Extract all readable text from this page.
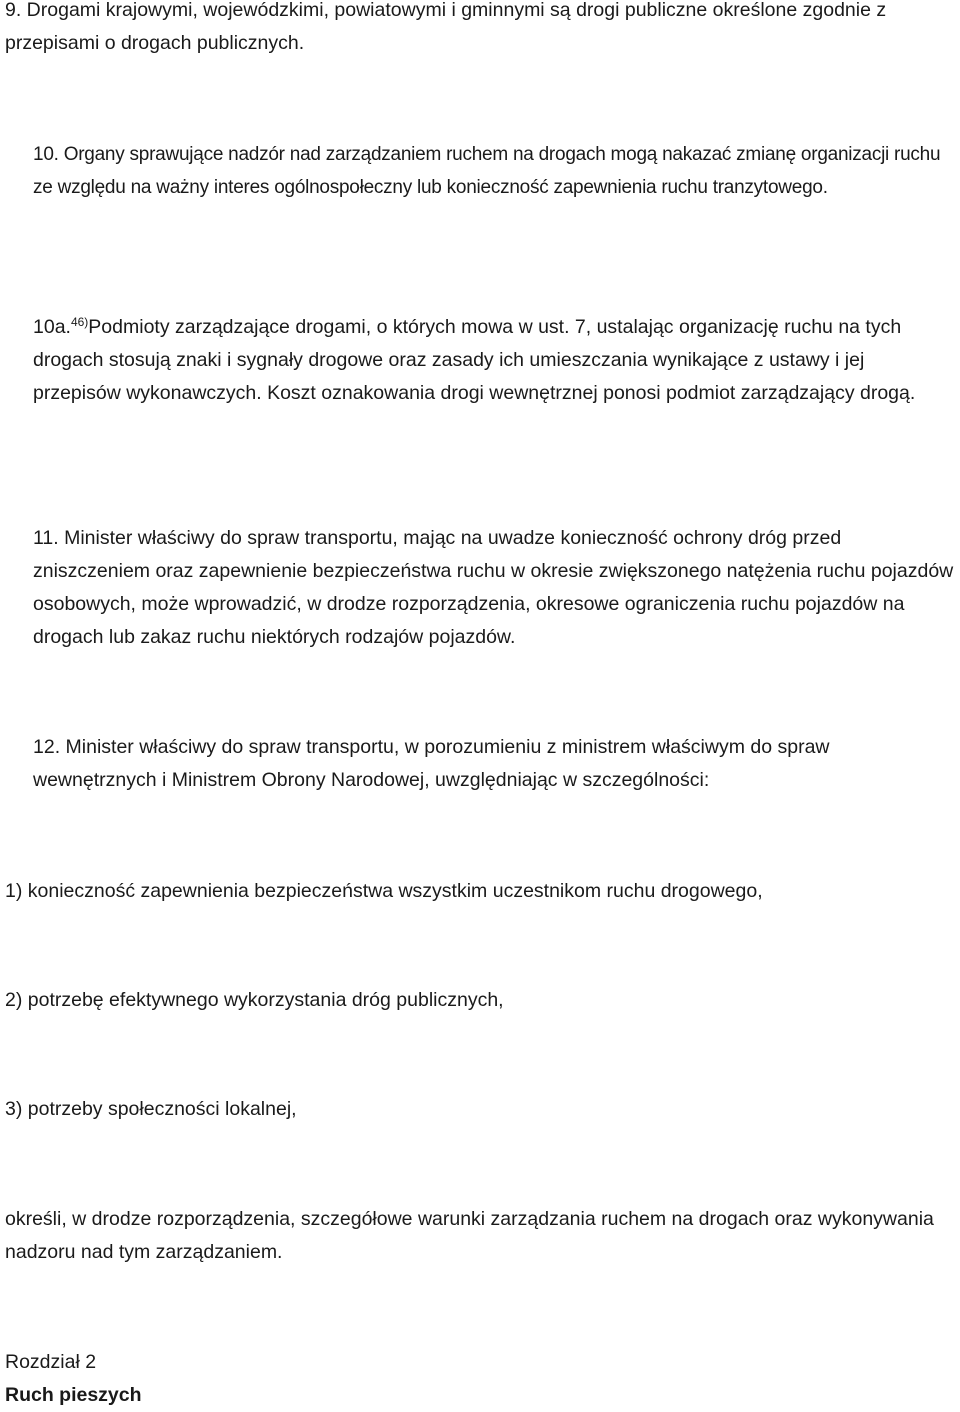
9. Drogami krajowymi, wojewódzkimi, powiatowymi i gminnymi są drogi publiczne określone zgodnie z przepisami o drogach publicznych.

10. Organy sprawujące nadzór nad zarządzaniem ruchem na drogach mogą nakazać zmianę organizacji ruchu ze względu na ważny interes ogólnospołeczny lub konieczność zapewnienia ruchu tranzytowego.

10a.$^{46)}$Podmioty zarządzające drogami, o których mowa w ust. 7, ustalając organizację ruchu na tych drogach stosują znaki i sygnały drogowe oraz zasady ich umieszczania wynikające z ustawy i jej przepisów wykonawczych. Koszt oznakowania drogi wewnętrznej ponosi podmiot zarządzający drogą.

11. Minister właściwy do spraw transportu, mając na uwadze konieczność ochrony dróg przed zniszczeniem oraz zapewnienie bezpieczeństwa ruchu w okresie zwiększonego natężenia ruchu pojazdów osobowych, może wprowadzić, w drodze rozporządzenia, okresowe ograniczenia ruchu pojazdów na drogach lub zakaz ruchu niektórych rodzajów pojazdów.

12. Minister właściwy do spraw transportu, w porozumieniu z ministrem właściwym do spraw wewnętrznych i Ministrem Obrony Narodowej, uwzględniając w szczególności:

1) konieczność zapewnienia bezpieczeństwa wszystkim uczestnikom ruchu drogowego,

2) potrzebę efektywnego wykorzystania dróg publicznych,

3) potrzeby społeczności lokalnej,

określi, w drodze rozporządzenia, szczegółowe warunki zarządzania ruchem na drogach oraz wykonywania nadzoru nad tym zarządzaniem.

Rozdział 2

Ruch pieszych
